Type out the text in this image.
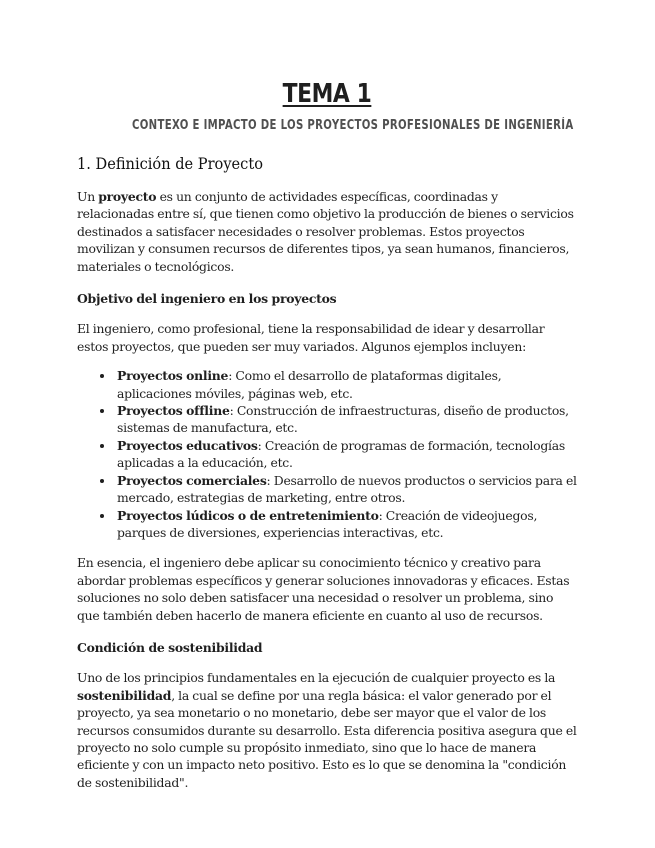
TEMA 1
CONTEXO E IMPACTO DE LOS PROYECTOS PROFESIONALES DE INGENIERÍA
1. Definición de Proyecto

Un proyecto es un conjunto de actividades específicas, coordinadas y relacionadas entre sí, que tienen como objetivo la producción de bienes o servicios destinados a satisfacer necesidades o resolver problemas. Estos proyectos movilizan y consumen recursos de diferentes tipos, ya sean humanos, financieros, materiales o tecnológicos.

Objetivo del ingeniero en los proyectos

El ingeniero, como profesional, tiene la responsabilidad de idear y desarrollar estos proyectos, que pueden ser muy variados. Algunos ejemplos incluyen:

• Proyectos online: Como el desarrollo de plataformas digitales, aplicaciones móviles, páginas web, etc.
• Proyectos offline: Construcción de infraestructuras, diseño de productos, sistemas de manufactura, etc.
• Proyectos educativos: Creación de programas de formación, tecnologías aplicadas a la educación, etc.
• Proyectos comerciales: Desarrollo de nuevos productos o servicios para el mercado, estrategias de marketing, entre otros.
• Proyectos lúdicos o de entretenimiento: Creación de videojuegos, parques de diversiones, experiencias interactivas, etc.

En esencia, el ingeniero debe aplicar su conocimiento técnico y creativo para abordar problemas específicos y generar soluciones innovadoras y eficaces. Estas soluciones no solo deben satisfacer una necesidad o resolver un problema, sino que también deben hacerlo de manera eficiente en cuanto al uso de recursos.

Condición de sostenibilidad

Uno de los principios fundamentales en la ejecución de cualquier proyecto es la sostenibilidad, la cual se define por una regla básica: el valor generado por el proyecto, ya sea monetario o no monetario, debe ser mayor que el valor de los recursos consumidos durante su desarrollo. Esta diferencia positiva asegura que el proyecto no solo cumple su propósito inmediato, sino que lo hace de manera eficiente y con un impacto neto positivo. Esto es lo que se denomina la "condición de sostenibilidad".
